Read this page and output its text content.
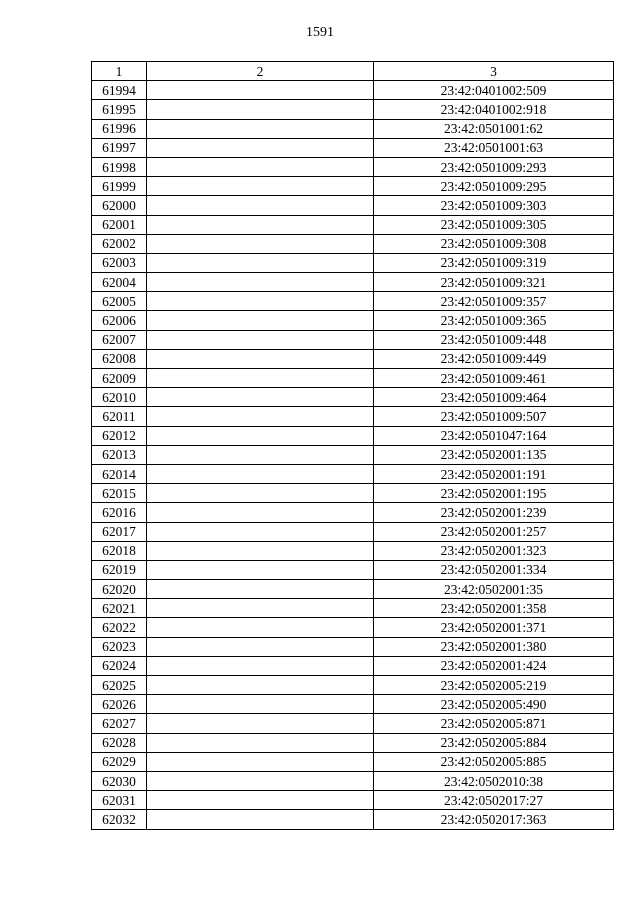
1591
1	2	3
61994		23:42:0401002:509
61995		23:42:0401002:918
61996		23:42:0501001:62
61997		23:42:0501001:63
61998		23:42:0501009:293
61999		23:42:0501009:295
62000		23:42:0501009:303
62001		23:42:0501009:305
62002		23:42:0501009:308
62003		23:42:0501009:319
62004		23:42:0501009:321
62005		23:42:0501009:357
62006		23:42:0501009:365
62007		23:42:0501009:448
62008		23:42:0501009:449
62009		23:42:0501009:461
62010		23:42:0501009:464
62011		23:42:0501009:507
62012		23:42:0501047:164
62013		23:42:0502001:135
62014		23:42:0502001:191
62015		23:42:0502001:195
62016		23:42:0502001:239
62017		23:42:0502001:257
62018		23:42:0502001:323
62019		23:42:0502001:334
62020		23:42:0502001:35
62021		23:42:0502001:358
62022		23:42:0502001:371
62023		23:42:0502001:380
62024		23:42:0502001:424
62025		23:42:0502005:219
62026		23:42:0502005:490
62027		23:42:0502005:871
62028		23:42:0502005:884
62029		23:42:0502005:885
62030		23:42:0502010:38
62031		23:42:0502017:27
62032		23:42:0502017:363
